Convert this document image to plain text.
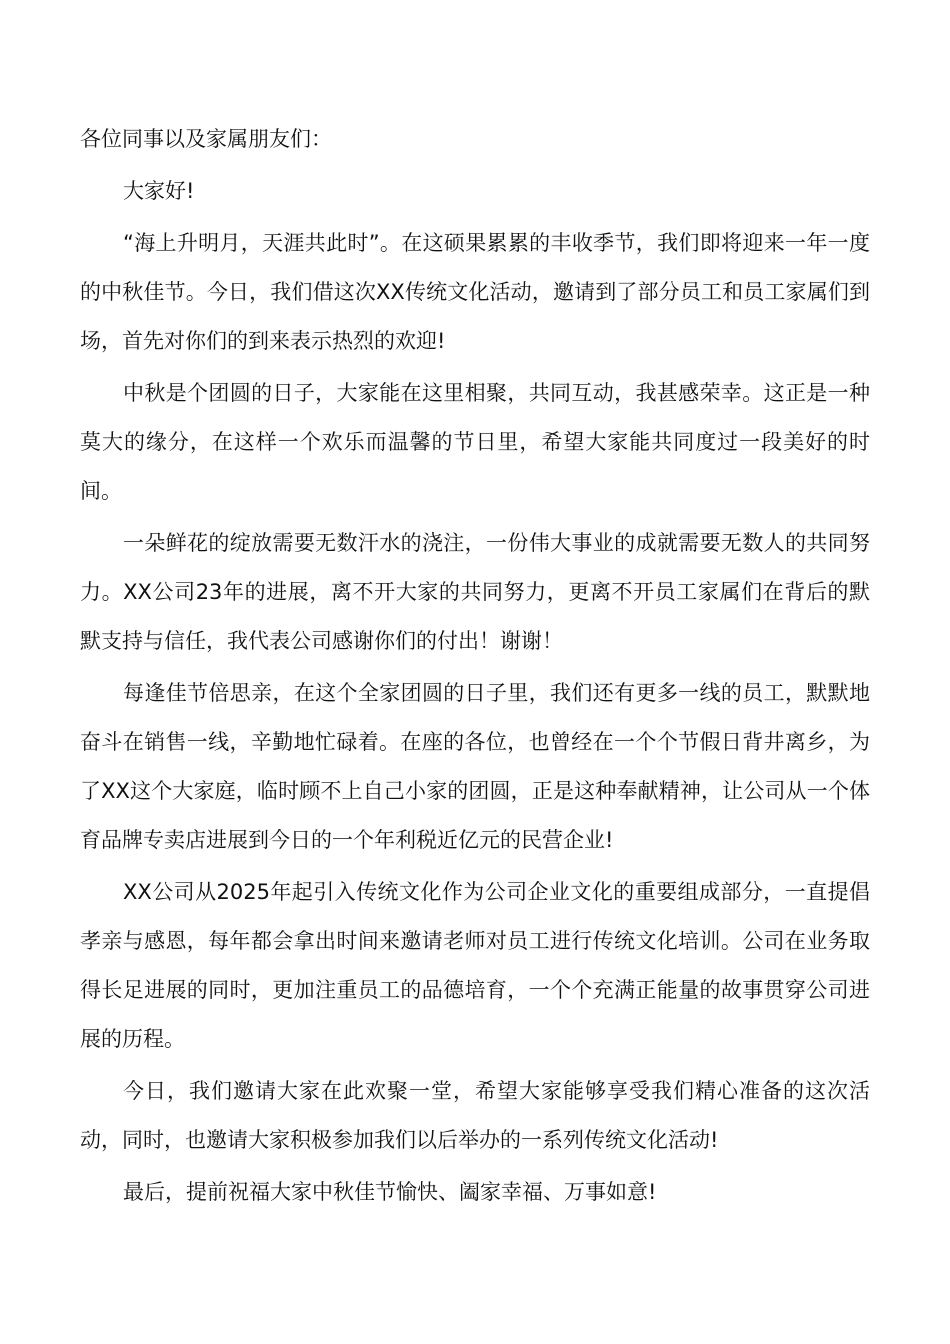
各位同事以及家属朋友们：

大家好!

“海上升明月，天涯共此时”。在这硕果累累的丰收季节，我们即将迎来一年一度的中秋佳节。今日，我们借这次XX传统文化活动，邀请到了部分员工和员工家属们到场，首先对你们的到来表示热烈的欢迎!

中秋是个团圆的日子，大家能在这里相聚，共同互动，我甚感荣幸。这正是一种莫大的缘分，在这样一个欢乐而温馨的节日里，希望大家能共同度过一段美好的时间。

一朵鲜花的绽放需要无数汗水的浇注，一份伟大事业的成就需要无数人的共同努力。XX公司23年的进展，离不开大家的共同努力，更离不开员工家属们在背后的默默支持与信任，我代表公司感谢你们的付出！谢谢！

每逢佳节倍思亲，在这个全家团圆的日子里，我们还有更多一线的员工，默默地奋斗在销售一线，辛勤地忙碌着。在座的各位，也曾经在一个个节假日背井离乡，为了XX这个大家庭，临时顾不上自己小家的团圆，正是这种奉献精神，让公司从一个体育品牌专卖店进展到今日的一个年利税近亿元的民营企业!

XX公司从2025年起引入传统文化作为公司企业文化的重要组成部分，一直提倡孝亲与感恩，每年都会拿出时间来邀请老师对员工进行传统文化培训。公司在业务取得长足进展的同时，更加注重员工的品德培育，一个个充满正能量的故事贯穿公司进展的历程。

今日，我们邀请大家在此欢聚一堂，希望大家能够享受我们精心准备的这次活动，同时，也邀请大家积极参加我们以后举办的一系列传统文化活动!

最后，提前祝福大家中秋佳节愉快、阖家幸福、万事如意!
